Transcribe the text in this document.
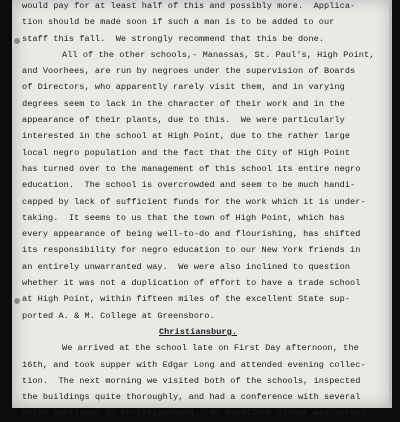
would pay for at least half of this and possibly more.  Applica-
tion should be made soon if such a man is to be added to our
staff this fall.  We strongly recommend that this be done.
All of the other schools,- Manassas, St. Paul's, High Point,
and Voorhees, are run by negroes under the supervision of Boards
of Directors, who apparently rarely visit them, and in varying
degrees seem to lack in the character of their work and in the
appearance of their plants, due to this.  We were particularly
interested in the school at High Point, due to the rather large
local negro population and the fact that the City of High Point
has turned over to the management of this school its entire negro
education.  The school is overcrowded and seem to be much handi-
capped by lack of sufficient funds for the work which it is under-
taking.  It seems to us that the town of High Point, which has
every appearance of being well-to-do and flourishing, has shifted
its responsibility for negro education to our New York friends in
an entirely unwarranted way.  We were also inclined to question
whether it was not a duplication of effort to have a trade school
at High Point, within fifteen miles of the excellent State sup-
ported A. & M. College at Greensboro.
Christiansburg.
We arrived at the school late on First Day afternoon, the
16th, and took supper with Edgar Long and attended evening collec-
tion.  The next morning we visited both of the schools, inspected
the buildings quite thoroughly, and had a conference with several
white gentlemen in Christiansburg.  An excellent dinner was served
